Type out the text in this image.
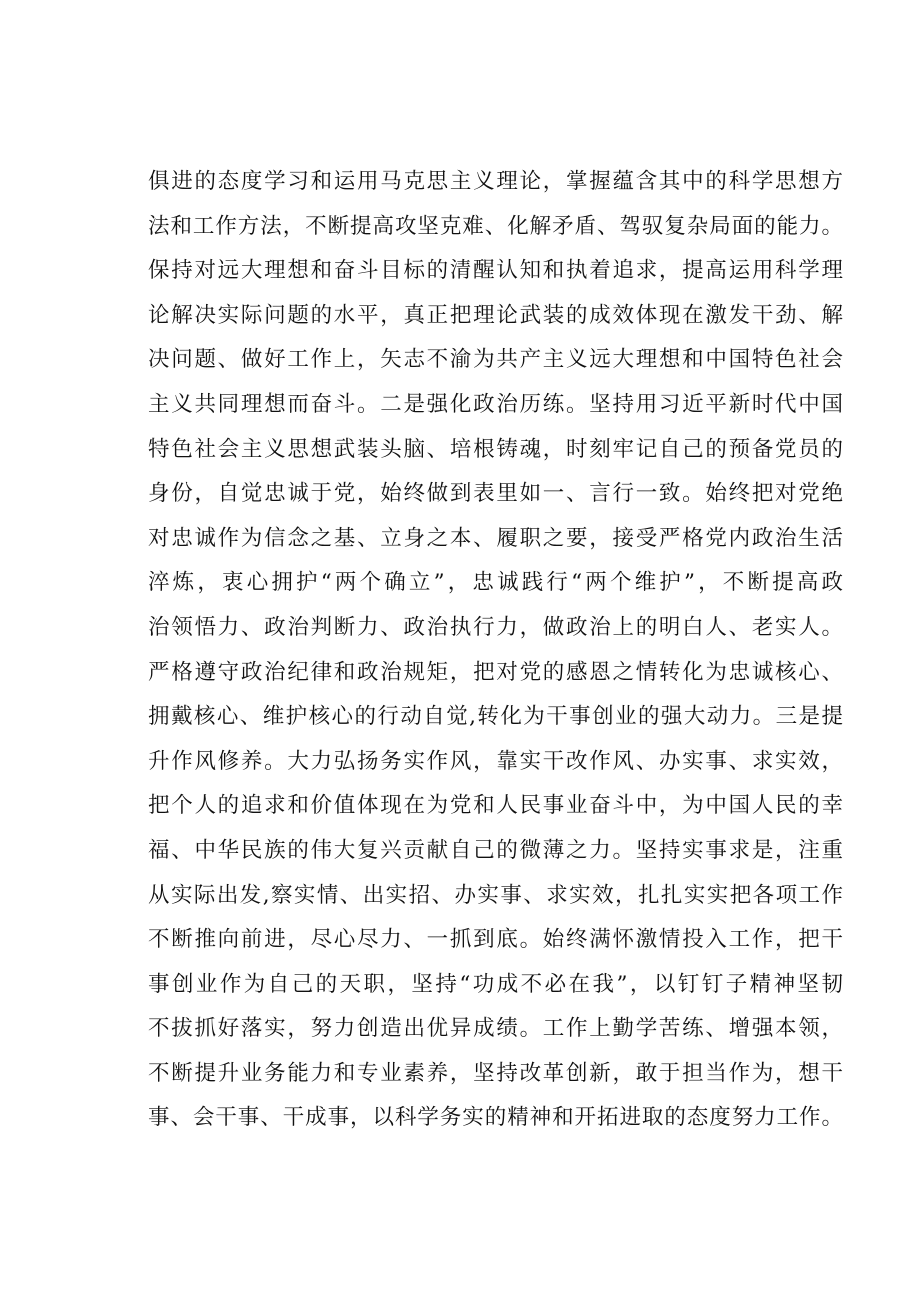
俱进的态度学习和运用马克思主义理论，掌握蕴含其中的科学思想方
法和工作方法，不断提高攻坚克难、化解矛盾、驾驭复杂局面的能力。
保持对远大理想和奋斗目标的清醒认知和执着追求，提高运用科学理
论解决实际问题的水平，真正把理论武装的成效体现在激发干劲、解
决问题、做好工作上，矢志不渝为共产主义远大理想和中国特色社会
主义共同理想而奋斗。二是强化政治历练。坚持用习近平新时代中国
特色社会主义思想武装头脑、培根铸魂，时刻牢记自己的预备党员的
身份，自觉忠诚于党，始终做到表里如一、言行一致。始终把对党绝
对忠诚作为信念之基、立身之本、履职之要，接受严格党内政治生活
淬炼，衷心拥护“两个确立”，忠诚践行“两个维护”，不断提高政
治领悟力、政治判断力、政治执行力，做政治上的明白人、老实人。
严格遵守政治纪律和政治规矩，把对党的感恩之情转化为忠诚核心、
拥戴核心、维护核心的行动自觉,转化为干事创业的强大动力。三是提
升作风修养。大力弘扬务实作风，靠实干改作风、办实事、求实效，
把个人的追求和价值体现在为党和人民事业奋斗中，为中国人民的幸
福、中华民族的伟大复兴贡献自己的微薄之力。坚持实事求是，注重
从实际出发,察实情、出实招、办实事、求实效，扎扎实实把各项工作
不断推向前进，尽心尽力、一抓到底。始终满怀激情投入工作，把干
事创业作为自己的天职，坚持“功成不必在我”，以钉钉子精神坚韧
不拔抓好落实，努力创造出优异成绩。工作上勤学苦练、增强本领，
不断提升业务能力和专业素养，坚持改革创新，敢于担当作为，想干
事、会干事、干成事，以科学务实的精神和开拓进取的态度努力工作。
